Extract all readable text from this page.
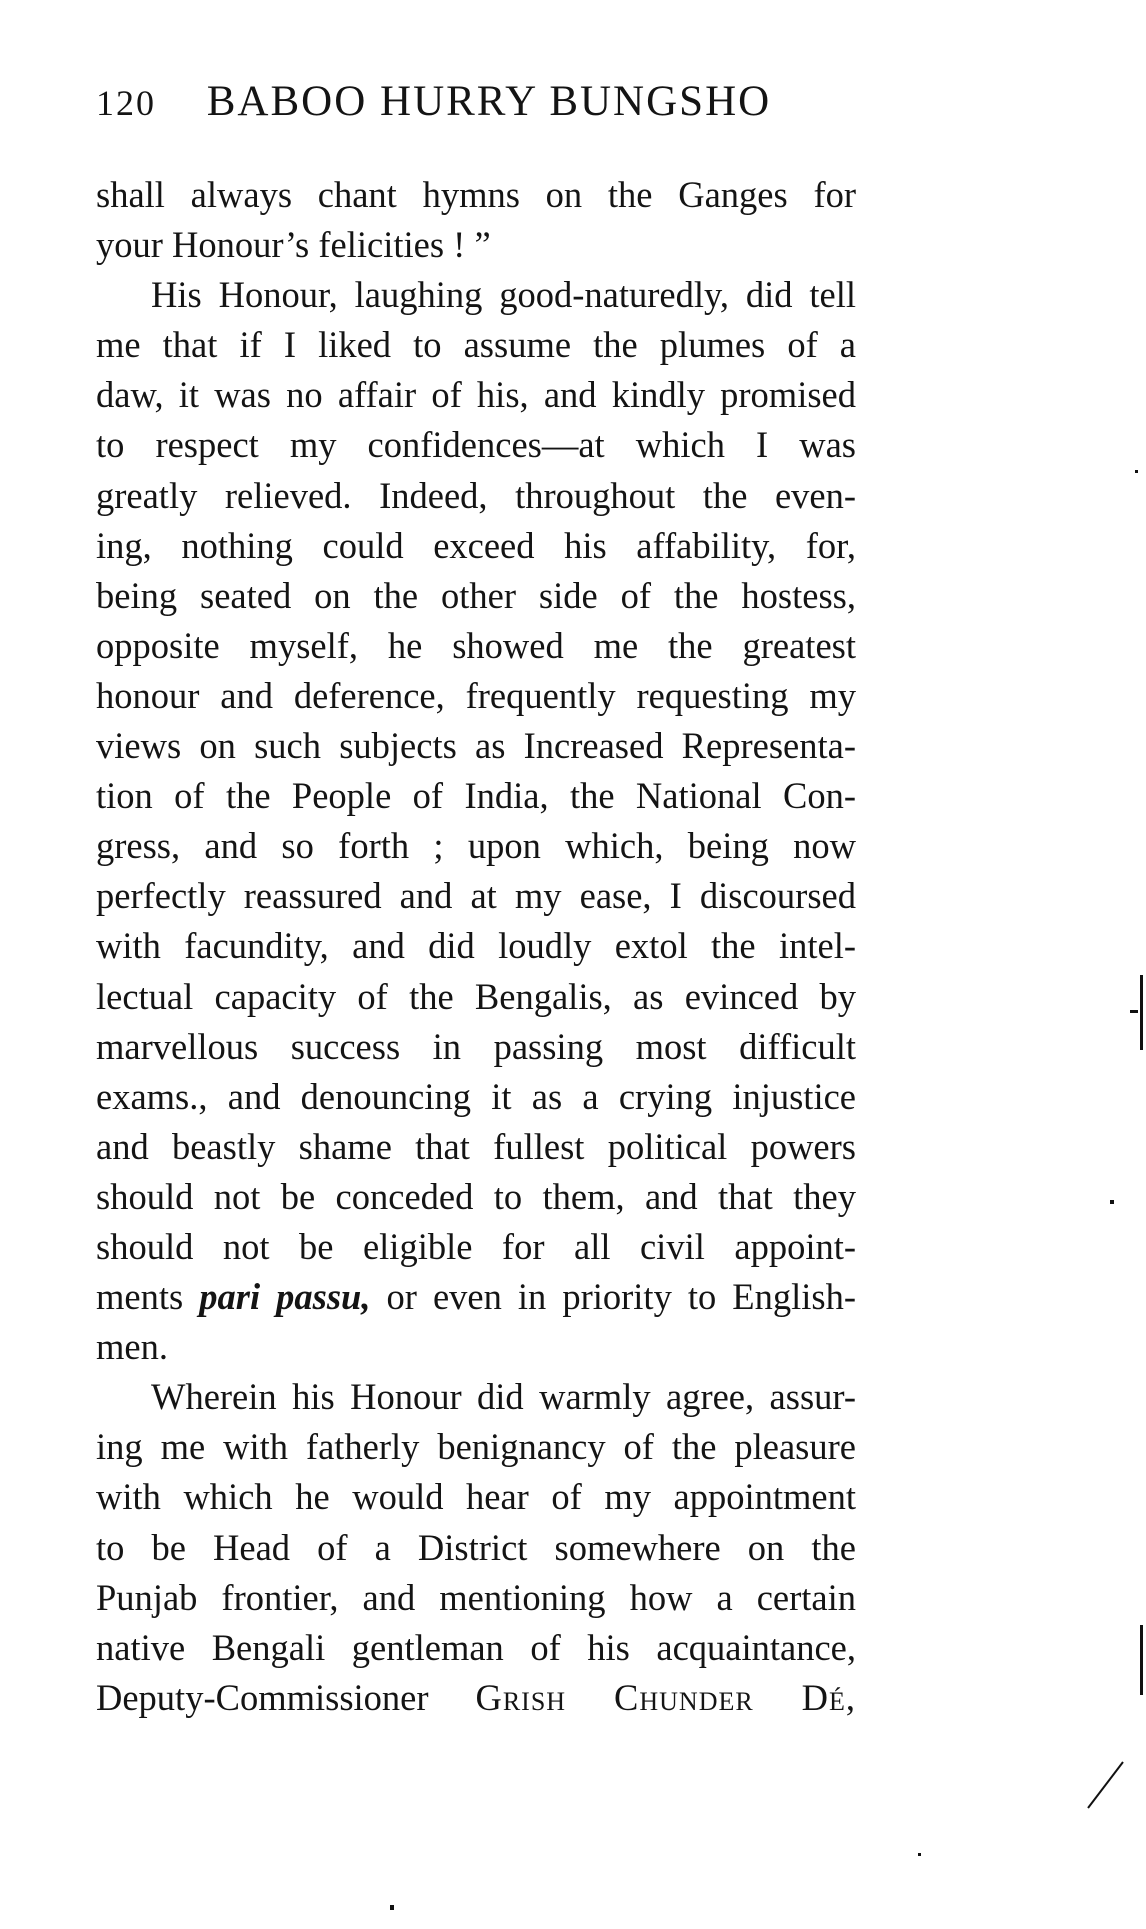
120 BABOO HURRY BUNGSHO
shall always chant hymns on the Ganges for
your Honour’s felicities ! ”
His Honour, laughing good-naturedly, did tell
me that if I liked to assume the plumes of a
daw, it was no affair of his, and kindly promised
to respect my confidences—at which I was
greatly relieved. Indeed, throughout the even-
ing, nothing could exceed his affability, for,
being seated on the other side of the hostess,
opposite myself, he showed me the greatest
honour and deference, frequently requesting my
views on such subjects as Increased Representa-
tion of the People of India, the National Con-
gress, and so forth ; upon which, being now
perfectly reassured and at my ease, I discoursed
with facundity, and did loudly extol the intel-
lectual capacity of the Bengalis, as evinced by
marvellous success in passing most difficult
exams., and denouncing it as a crying injustice
and beastly shame that fullest political powers
should not be conceded to them, and that they
should not be eligible for all civil appoint-
ments pari passu, or even in priority to English-
men.
Wherein his Honour did warmly agree, assur-
ing me with fatherly benignancy of the pleasure
with which he would hear of my appointment
to be Head of a District somewhere on the
Punjab frontier, and mentioning how a certain
native Bengali gentleman of his acquaintance,
Deputy-Commissioner Grish Chunder Dé,
